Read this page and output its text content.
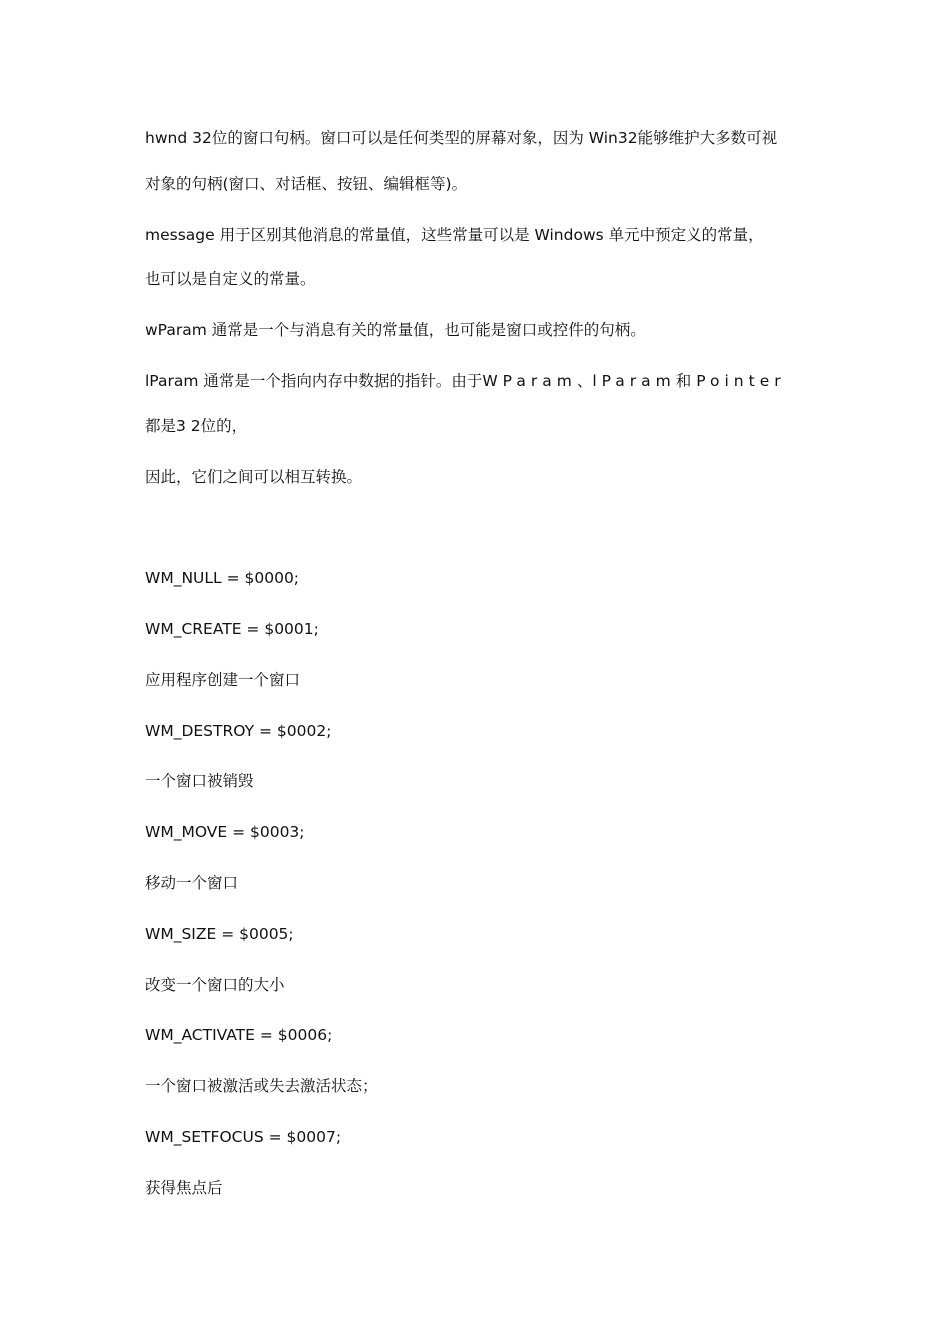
hwnd 32位的窗口句柄。窗口可以是任何类型的屏幕对象，因为 Win32能够维护大多数可视
对象的句柄(窗口、对话框、按钮、编辑框等)。
message 用于区别其他消息的常量值，这些常量可以是 Windows 单元中预定义的常量，
也可以是自定义的常量。
wParam 通常是一个与消息有关的常量值，也可能是窗口或控件的句柄。
lParam 通常是一个指向内存中数据的指针。由于WParam、lParam和 Pointer
都是3 2位的，
因此，它们之间可以相互转换。
WM_NULL = $0000;
WM_CREATE = $0001;
应用程序创建一个窗口
WM_DESTROY = $0002;
一个窗口被销毁
WM_MOVE = $0003;
移动一个窗口
WM_SIZE = $0005;
改变一个窗口的大小
WM_ACTIVATE = $0006;
一个窗口被激活或失去激活状态；
WM_SETFOCUS = $0007;
获得焦点后
